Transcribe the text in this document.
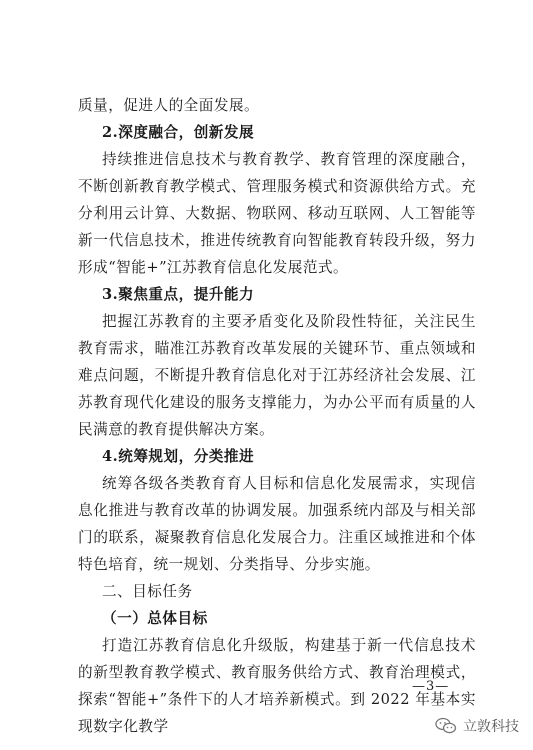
质量，促进人的全面发展。

2.深度融合，创新发展

持续推进信息技术与教育教学、教育管理的深度融合，不断创新教育教学模式、管理服务模式和资源供给方式。充分利用云计算、大数据、物联网、移动互联网、人工智能等新一代信息技术，推进传统教育向智能教育转段升级，努力形成“智能+”江苏教育信息化发展范式。

3.聚焦重点，提升能力

把握江苏教育的主要矛盾变化及阶段性特征，关注民生教育需求，瞄准江苏教育改革发展的关键环节、重点领域和难点问题，不断提升教育信息化对于江苏经济社会发展、江苏教育现代化建设的服务支撑能力，为办公平而有质量的人民满意的教育提供解决方案。

4.统筹规划，分类推进

统筹各级各类教育育人目标和信息化发展需求，实现信息化推进与教育改革的协调发展。加强系统内部及与相关部门的联系，凝聚教育信息化发展合力。注重区域推进和个体特色培育，统一规划、分类指导、分步实施。

二、目标任务

（一）总体目标

打造江苏教育信息化升级版，构建基于新一代信息技术的新型教育教学模式、教育服务供给方式、教育治理模式，探索“智能+”条件下的人才培养新模式。到 2022 年基本实现数字化教学

—3—
立敦科技
